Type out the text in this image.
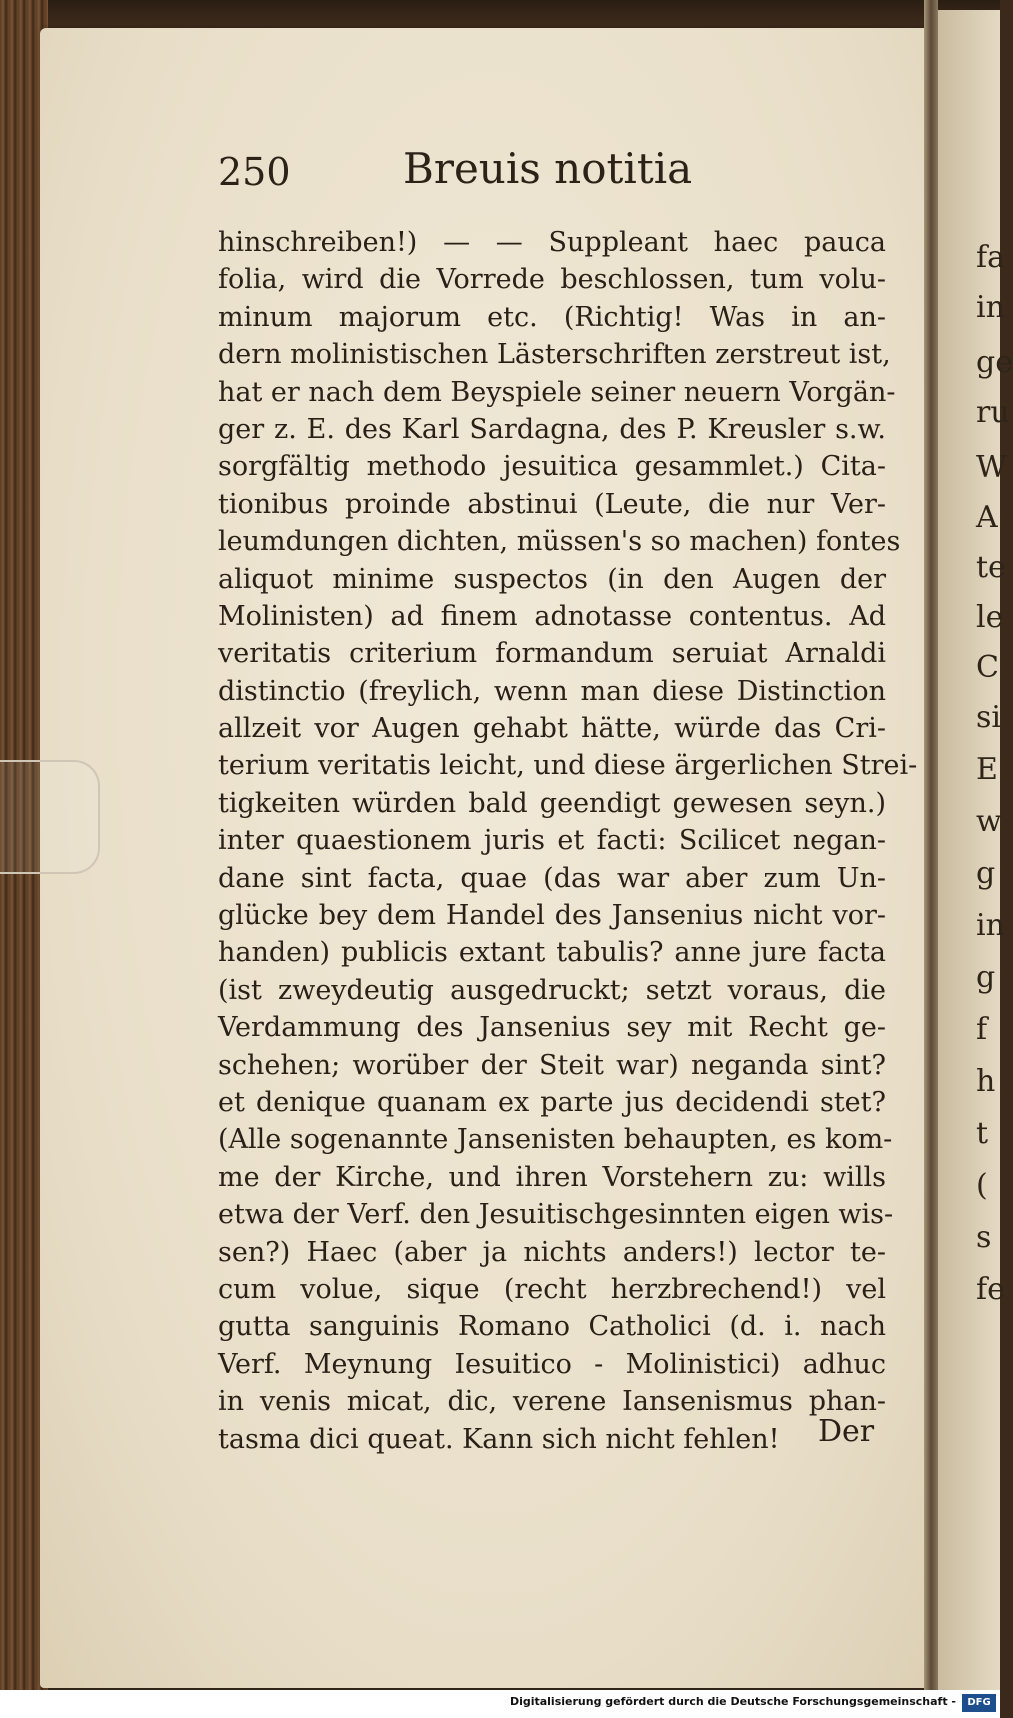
fa
in
ge
ru
W
A
te
le
C
si
E
w
g
in
g
f
h
t
(
s
fe
250	Breuis notitia
hinschreiben!) — — Suppleant haec pauca
folia, wird die Vorrede beschlossen, tum volu-
minum majorum etc. (Richtig! Was in an-
dern molinistischen Lästerschriften zerstreut ist,
hat er nach dem Beyspiele seiner neuern Vorgän-
ger z. E. des Karl Sardagna, des P. Kreusler s.w.
sorgfältig methodo jesuitica gesammlet.) Cita-
tionibus proinde abstinui (Leute, die nur Ver-
leumdungen dichten, müssen's so machen) fontes
aliquot minime suspectos (in den Augen der
Molinisten) ad finem adnotasse contentus. Ad
veritatis criterium formandum seruiat Arnaldi
distinctio (freylich, wenn man diese Distinction
allzeit vor Augen gehabt hätte, würde das Cri-
terium veritatis leicht, und diese ärgerlichen Strei-
tigkeiten würden bald geendigt gewesen seyn.)
inter quaestionem juris et facti: Scilicet negan-
dane sint facta, quae (das war aber zum Un-
glücke bey dem Handel des Jansenius nicht vor-
handen) publicis extant tabulis? anne jure facta
(ist zweydeutig ausgedruckt; setzt voraus, die
Verdammung des Jansenius sey mit Recht ge-
schehen; worüber der Steit war) neganda sint?
et denique quanam ex parte jus decidendi stet?
(Alle sogenannte Jansenisten behaupten, es kom-
me der Kirche, und ihren Vorstehern zu: wills
etwa der Verf. den Jesuitischgesinnten eigen wis-
sen?) Haec (aber ja nichts anders!) lector te-
cum volue, sique (recht herzbrechend!) vel
gutta sanguinis Romano Catholici (d. i. nach
Verf. Meynung Iesuitico - Molinistici) adhuc
in venis micat, dic, verene Iansenismus phan-
tasma dici queat. Kann sich nicht fehlen!	Der
Digitalisierung gefördert durch die Deutsche Forschungsgemeinschaft -	DFG
